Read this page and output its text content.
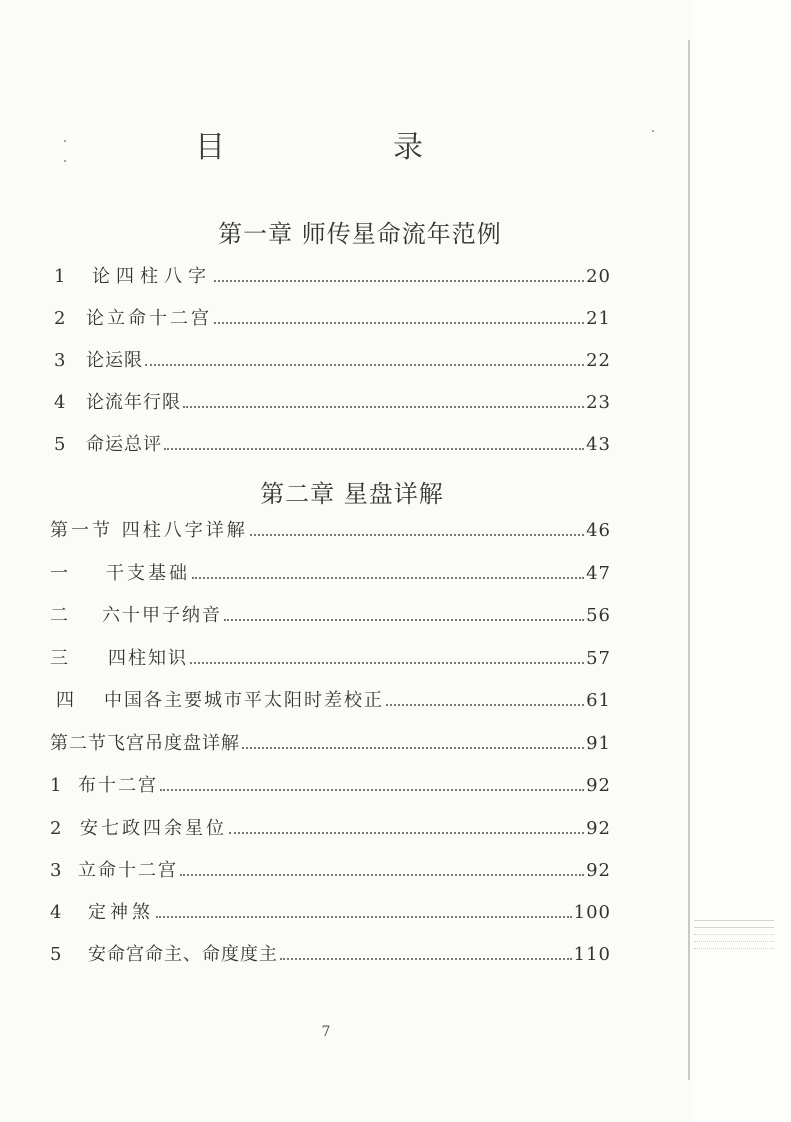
目	录
第一章 师传星命流年范例
1	论四柱八字	20
2	论立命十二宫	21
3	论运限	22
4	论流年行限	23
5	命运总评	43
第二章 星盘详解
第一节 四柱八字详解	46
一	干支基础	47
二	六十甲子纳音	56
三	四柱知识	57
四	中国各主要城市平太阳时差校正	61
第二节飞宫吊度盘详解	91
1 布十二宫	92
2	安七政四余星位	92
3 立命十二宫	92
4	定神煞	100
5	安命宫命主、命度度主	110
7
